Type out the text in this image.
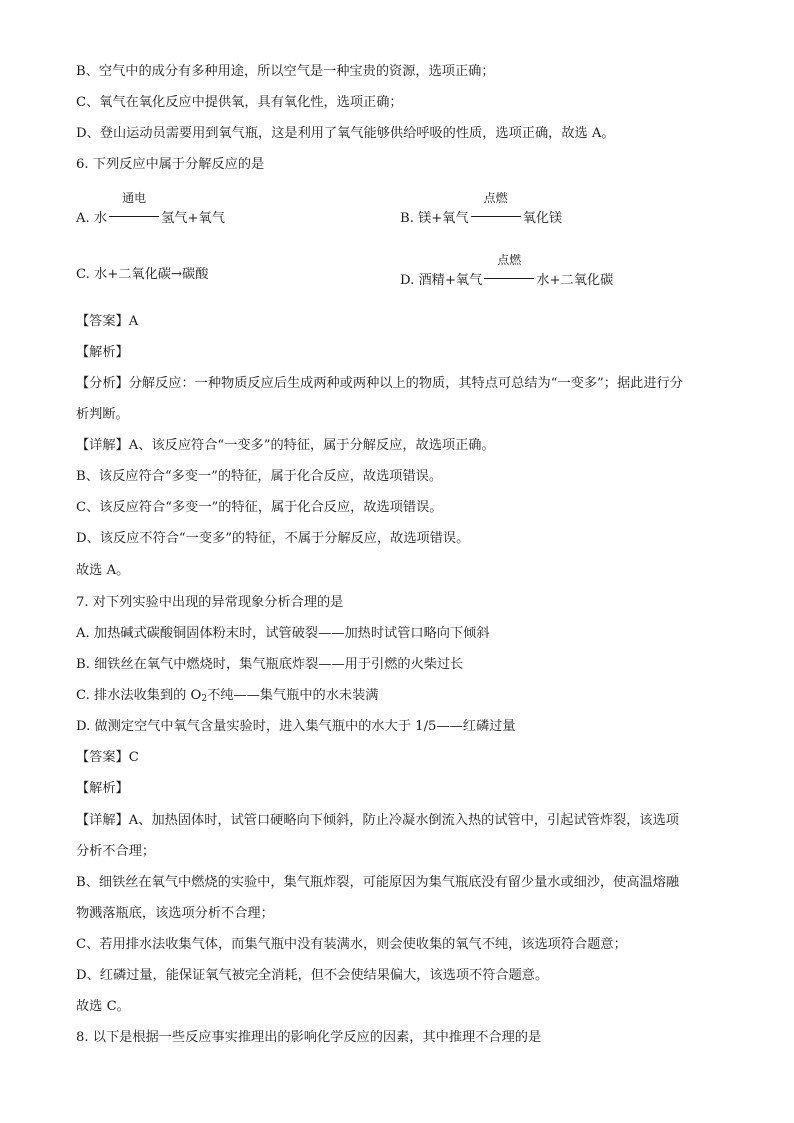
B、空气中的成分有多种用途，所以空气是一种宝贵的资源，选项正确；
C、氧气在氧化反应中提供氧，具有氧化性，选项正确；
D、登山运动员需要用到氧气瓶，这是利用了氧气能够供给呼吸的性质，选项正确，故选 A。
6. 下列反应中属于分解反应的是
A. 水
通电
氢气+氧气	B. 镁+氧气
点燃
氧化镁
C. 水+二氧化碳→碳酸	D. 酒精+氧气
点燃
水+二氧化碳
【答案】A
【解析】
【分析】分解反应：一种物质反应后生成两种或两种以上的物质，其特点可总结为“一变多”；据此进行分
析判断。
【详解】A、该反应符合“一变多”的特征，属于分解反应，故选项正确。
B、该反应符合“多变一”的特征，属于化合反应，故选项错误。
C、该反应符合“多变一”的特征，属于化合反应，故选项错误。
D、该反应不符合“一变多”的特征，不属于分解反应，故选项错误。
故选 A。
7. 对下列实验中出现的异常现象分析合理的是
A. 加热碱式碳酸铜固体粉末时，试管破裂——加热时试管口略向下倾斜
B. 细铁丝在氧气中燃烧时，集气瓶底炸裂——用于引燃的火柴过长
C. 排水法收集到的 $O_2$不纯——集气瓶中的水未装满
D. 做测定空气中氧气含量实验时，进入集气瓶中的水大于 1/5——红磷过量
【答案】C
【解析】
【详解】A、加热固体时，试管口硬略向下倾斜，防止冷凝水倒流入热的试管中，引起试管炸裂，该选项
分析不合理；
B、细铁丝在氧气中燃烧的实验中，集气瓶炸裂，可能原因为集气瓶底没有留少量水或细沙，使高温熔融
物溅落瓶底，该选项分析不合理；
C、若用排水法收集气体，而集气瓶中没有装满水，则会使收集的氧气不纯，该选项符合题意；
D、红磷过量，能保证氧气被完全消耗，但不会使结果偏大，该选项不符合题意。
故选 C。
8. 以下是根据一些反应事实推理出的影响化学反应的因素，其中推理不合理的是
